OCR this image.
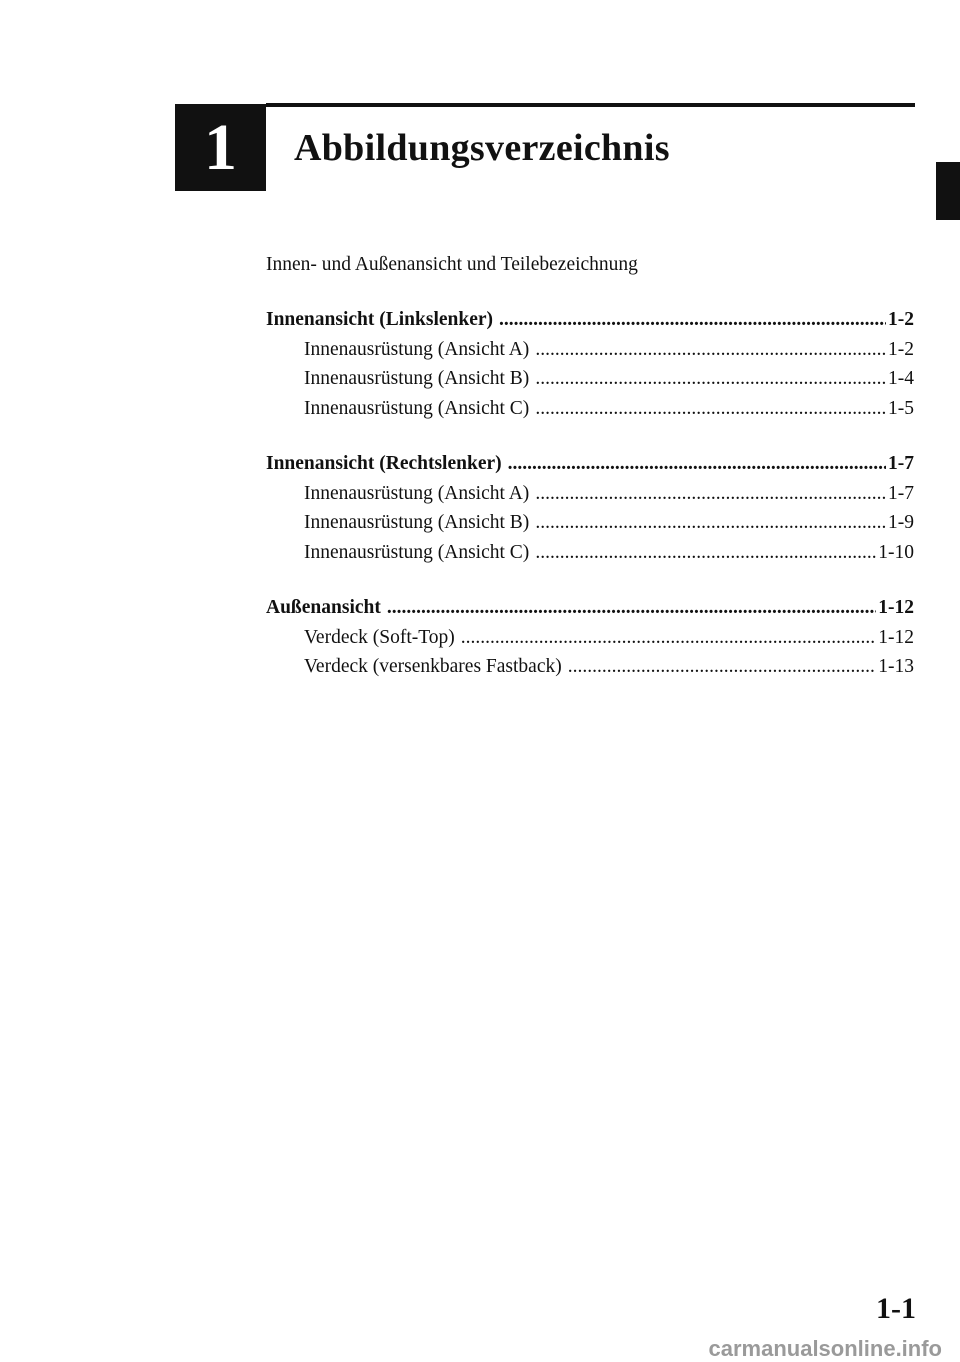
1 Abbildungsverzeichnis
Innen- und Außenansicht und Teilebezeichnung
Innenansicht (Linkslenker) .....	1-2
Innenausrüstung (Ansicht A) .....	1-2
Innenausrüstung (Ansicht B) .....	1-4
Innenausrüstung (Ansicht C) .....	1-5
Innenansicht (Rechtslenker) .....	1-7
Innenausrüstung (Ansicht A) .....	1-7
Innenausrüstung (Ansicht B) .....	1-9
Innenausrüstung (Ansicht C) .....	1-10
Außenansicht .....	1-12
Verdeck (Soft-Top) .....	1-12
Verdeck (versenkbares Fastback) .....	1-13
1-1
carmanualsonline.info
